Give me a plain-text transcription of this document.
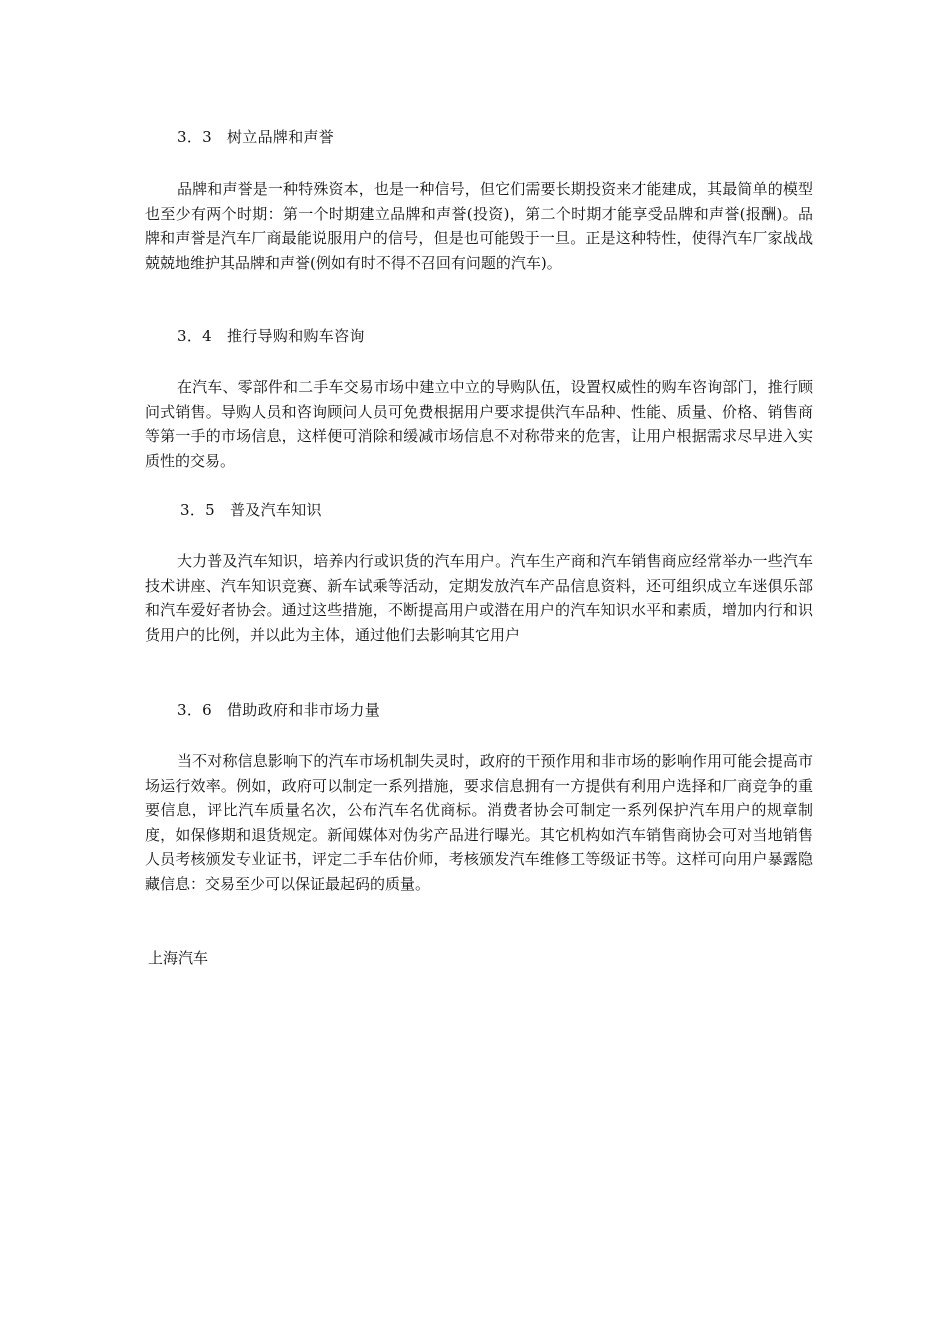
3．3 树立品牌和声誉
品牌和声誉是一种特殊资本，也是一种信号，但它们需要长期投资来才能建成，其最简单的模型也至少有两个时期：第一个时期建立品牌和声誉(投资)，第二个时期才能享受品牌和声誉(报酬)。品牌和声誉是汽车厂商最能说服用户的信号，但是也可能毁于一旦。正是这种特性，使得汽车厂家战战兢兢地维护其品牌和声誉(例如有时不得不召回有问题的汽车)。
3．4 推行导购和购车咨询
在汽车、零部件和二手车交易市场中建立中立的导购队伍，设置权威性的购车咨询部门，推行顾问式销售。导购人员和咨询顾问人员可免费根据用户要求提供汽车品种、性能、质量、价格、销售商等第一手的市场信息，这样便可消除和缓减市场信息不对称带来的危害，让用户根据需求尽早进入实质性的交易。
3．5 普及汽车知识
大力普及汽车知识，培养内行或识货的汽车用户。汽车生产商和汽车销售商应经常举办一些汽车技术讲座、汽车知识竞赛、新车试乘等活动，定期发放汽车产品信息资料，还可组织成立车迷俱乐部和汽车爱好者协会。通过这些措施，不断提高用户或潜在用户的汽车知识水平和素质，增加内行和识货用户的比例，并以此为主体，通过他们去影响其它用户
3．6 借助政府和非市场力量
当不对称信息影响下的汽车市场机制失灵时，政府的干预作用和非市场的影响作用可能会提高市场运行效率。例如，政府可以制定一系列措施，要求信息拥有一方提供有利用户选择和厂商竞争的重要信息，评比汽车质量名次，公布汽车名优商标。消费者协会可制定一系列保护汽车用户的规章制度，如保修期和退货规定。新闻媒体对伪劣产品进行曝光。其它机构如汽车销售商协会可对当地销售人员考核颁发专业证书，评定二手车估价师，考核颁发汽车维修工等级证书等。这样可向用户暴露隐藏信息：交易至少可以保证最起码的质量。
上海汽车
